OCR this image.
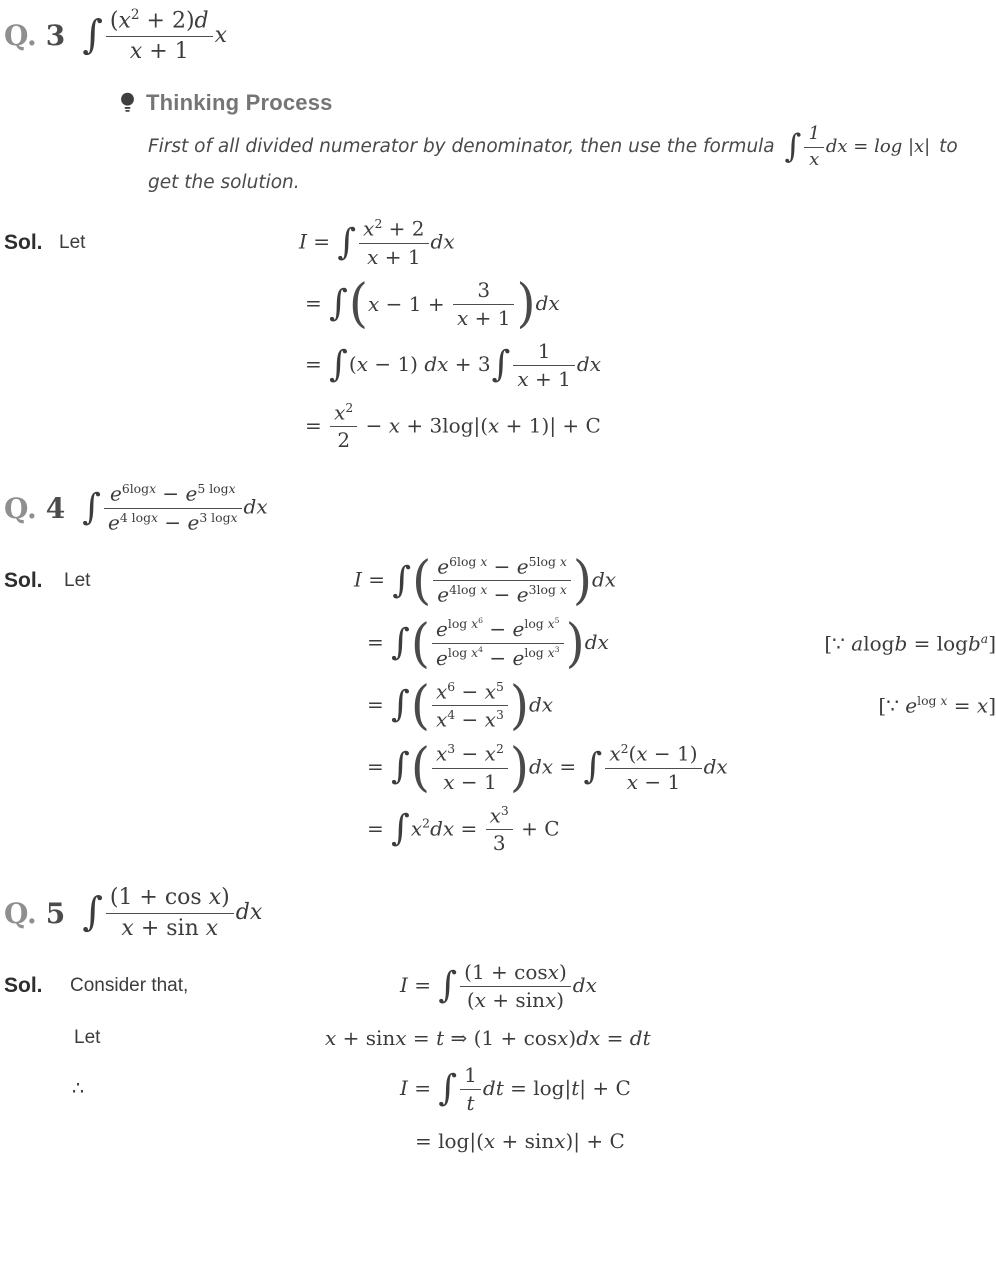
Q. 3 ∫ $\frac{(x^2 + 2)d}{x + 1}$ x
Thinking Process
First of all divided numerator by denominator, then use the formula ∫ $\frac{1}{x}$ dx = log |x| to
get the solution.
Sol. Let	I = ∫ $\frac{x^2 + 2}{x + 1}$ dx
= ∫ ( $x - 1 + \frac{3}{x + 1}$ ) dx
= ∫(x − 1) dx + $3\int \frac{1}{x + 1}$ dx
= $\frac{x^2}{2} - x + 3\log|(x + 1)| + C$
Q. 4 ∫ $\frac{e^{6logx} - e^{5 logx}}{e^{4 logx} - e^{3 logx}}$ dx
Sol. Let	I = ∫ ( $\frac{e^{6log x} - e^{5log x}}{e^{4log x} - e^{3log x}}$ ) dx
= ∫ ( $\frac{e^{log x^6} - e^{log x^5}}{e^{log x^4} - e^{log x^3}}$ ) dx	[∵ alogb = logb$^a$]
= ∫ ( $\frac{x^6 - x^5}{x^4 - x^3}$ ) dx	[∵ $e^{log x} = x$]
= ∫ ( $\frac{x^3 - x^2}{x - 1}$ ) dx = ∫ $\frac{x^2(x - 1)}{x - 1}$ dx
= $\int x^2dx = \frac{x^3}{3} + C$
Q. 5 ∫ $\frac{\text{(1 + cos x)}}{\text{x + sin x}}$ dx
Sol. Consider that,	I = ∫ $\frac{(1 + \cos x)}{(x + \sin x)}$ dx
Let	x + sinx = t ⇒ (1 + cosx)dx = dt
∴	I = ∫ $\frac{1}{t}$ dt = log|t| + C
= log|(x + sinx)| + C
